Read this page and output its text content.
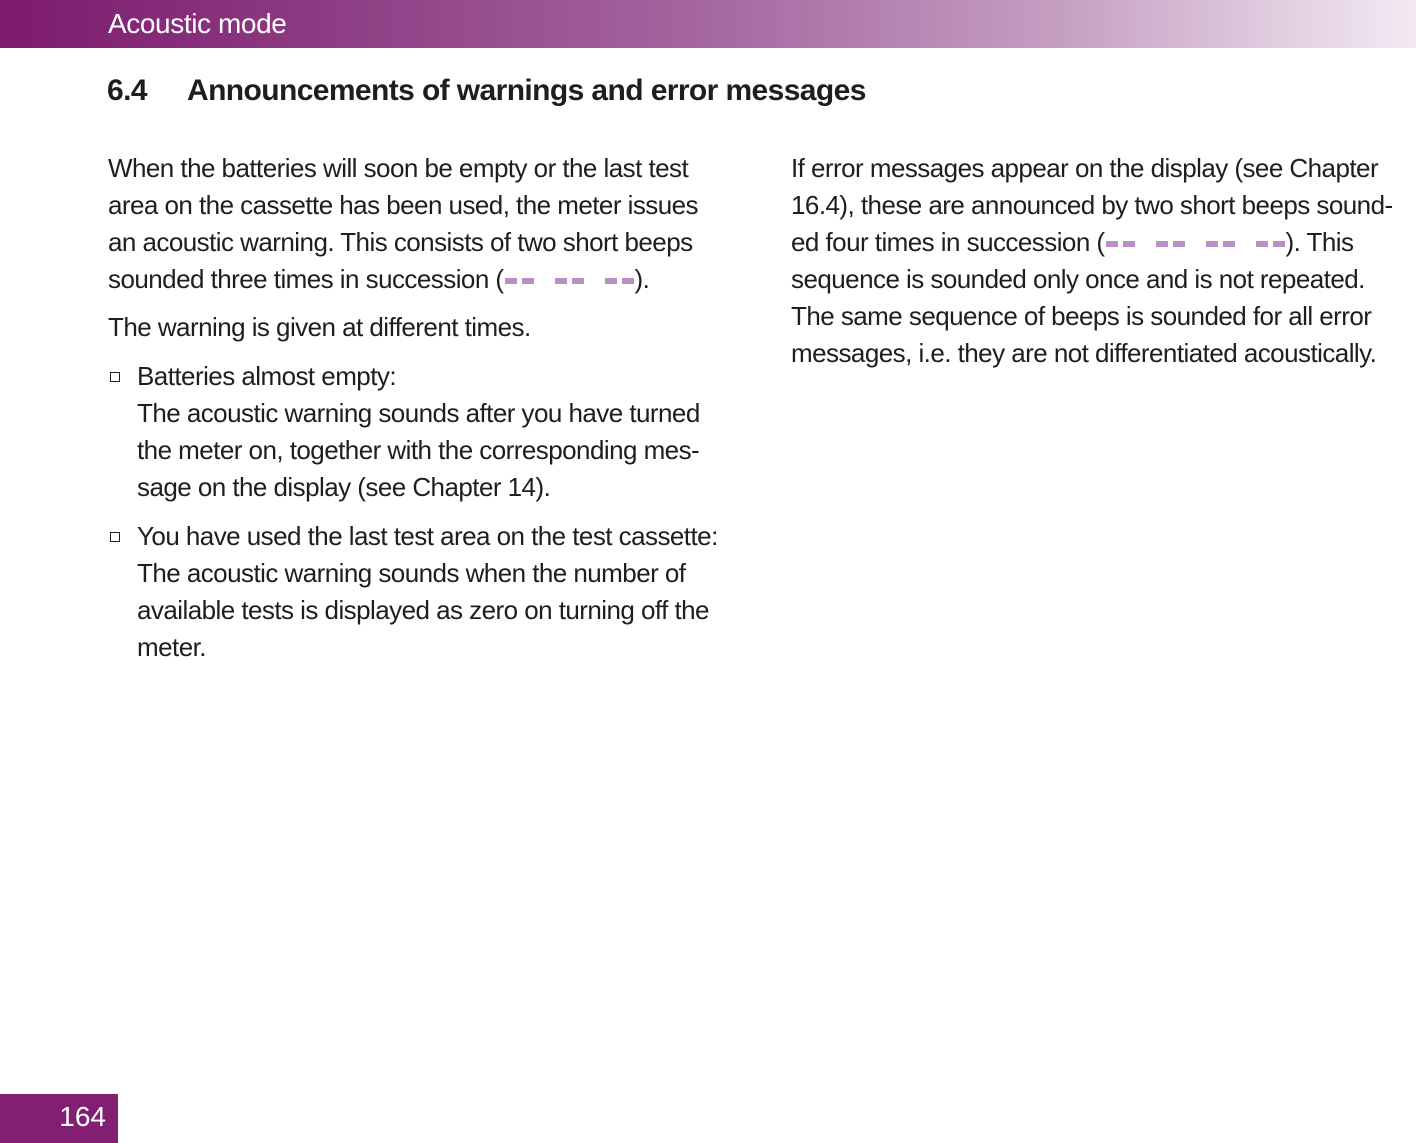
Acoustic mode
6.4 Announcements of warnings and error messages

When the batteries will soon be empty or the last test

area on the cassette has been used, the meter issues

an acoustic warning. This consists of two short beeps

sounded three times in succession (	).

The warning is given at different times.

Batteries almost empty:

The acoustic warning sounds after you have turned

the meter on, together with the corresponding mes-

sage on the display (see Chapter 14).

You have used the last test area on the test cassette:

The acoustic warning sounds when the number of

available tests is displayed as zero on turning off the

meter.

If error messages appear on the display (see Chapter

16.4), these are announced by two short beeps sound-

ed four times in succession (	). This

sequence is sounded only once and is not repeated.

The same sequence of beeps is sounded for all error

messages, i.e. they are not differentiated acoustically.

164
